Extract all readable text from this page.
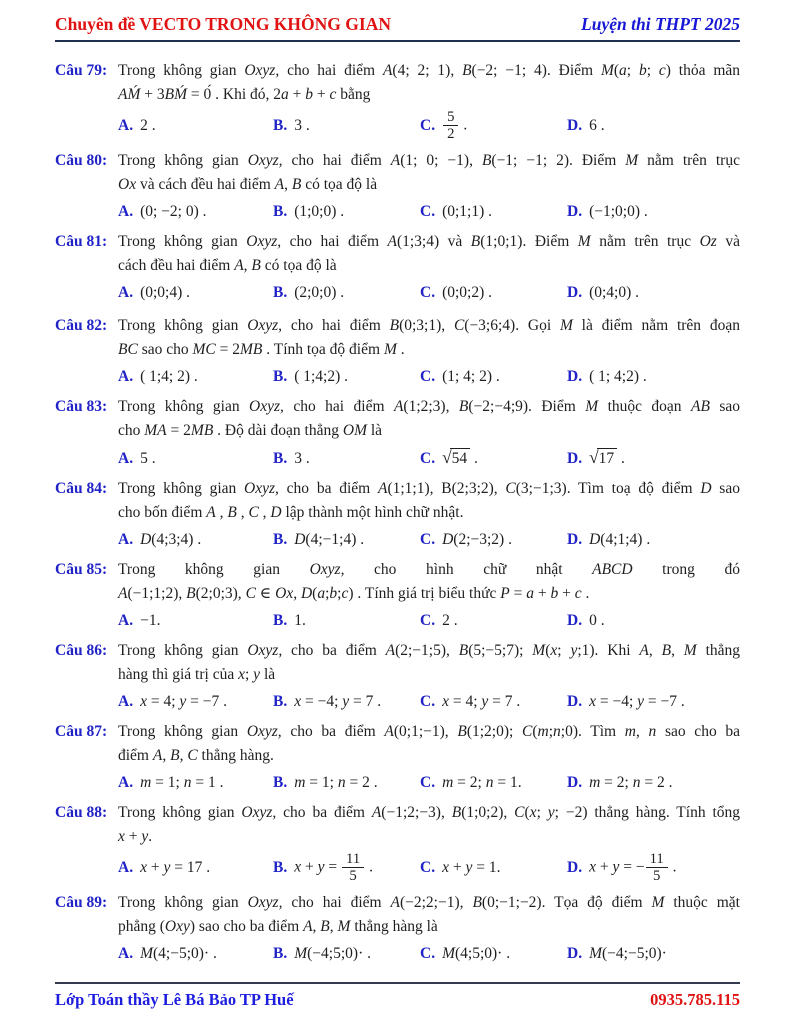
Chuyên đề VECTO TRONG KHÔNG GIAN	Luyện thi THPT 2025
Câu 79: Trong không gian Oxyz, cho hai điểm A(4; 2; 1), B(−2; −1; 4). Điểm M(a; b; c) thỏa mãn
AḾ + 3BḾ = 0́ . Khi đó, 2a + b + c bằng
A. 2 .	B. 3 .	C. $\frac{5}{2}$ .	D. 6 .
Câu 80: Trong không gian Oxyz, cho hai điểm A(1; 0; −1), B(−1; −1; 2). Điểm M nằm trên trục
Ox và cách đều hai điểm A, B có tọa độ là
A. (0; −2; 0) .	B. (1;0;0) .	C. (0;1;1) .	D. (−1;0;0) .
Câu 81: Trong không gian Oxyz, cho hai điểm A(1;3;4) và B(1;0;1). Điểm M nằm trên trục Oz và
cách đều hai điểm A, B có tọa độ là
A. (0;0;4) .	B. (2;0;0) .	C. (0;0;2) .	D. (0;4;0) .
Câu 82: Trong không gian Oxyz, cho hai điểm B(0;3;1), C(−3;6;4). Gọi M là điểm nằm trên đoạn
BC sao cho MC = 2MB . Tính tọa độ điểm M .
A. ( 1;4; 2) .	B. ( 1;4;2) .	C. (1; 4; 2) .	D. ( 1; 4;2) .
Câu 83: Trong không gian Oxyz, cho hai điểm A(1;2;3), B(−2;−4;9). Điểm M thuộc đoạn AB sao
cho MA = 2MB . Độ dài đoạn thẳng OM là
A. 5 .	B. 3 .	C. √54 .	D. √17 .
Câu 84: Trong không gian Oxyz, cho ba điểm A(1;1;1), B(2;3;2), C(3;−1;3). Tìm toạ độ điểm D sao
cho bốn điểm A , B , C , D lập thành một hình chữ nhật.
A. D(4;3;4) .	B. D(4;−1;4) .	C. D(2;−3;2) .	D. D(4;1;4) .
Câu 85: Trong không gian Oxyz, cho hình chữ nhật ABCD trong đó
A(−1;1;2), B(2;0;3), C ∈ Ox, D(a;b;c) . Tính giá trị biểu thức P = a + b + c .
A. −1.	B. 1.	C. 2 .	D. 0 .
Câu 86: Trong không gian Oxyz, cho ba điểm A(2;−1;5), B(5;−5;7); M(x; y;1). Khi A, B, M thẳng
hàng thì giá trị của x; y là
A. x = 4; y = −7 .	B. x = −4; y = 7 .	C. x = 4; y = 7 .	D. x = −4; y = −7 .
Câu 87: Trong không gian Oxyz, cho ba điểm A(0;1;−1), B(1;2;0); C(m;n;0). Tìm m, n sao cho ba
điểm A, B, C thẳng hàng.
A. m = 1; n = 1 .	B. m = 1; n = 2 .	C. m = 2; n = 1.	D. m = 2; n = 2 .
Câu 88: Trong không gian Oxyz, cho ba điểm A(−1;2;−3), B(1;0;2), C(x; y; −2) thẳng hàng. Tính tổng
x + y.
A. x + y = 17 .	B. $x + y = \frac{11}{5}$ .	C. x + y = 1.	D. x + y = − $\frac{11}{5}$ .
Câu 89: Trong không gian Oxyz, cho hai điểm A(−2;2;−1), B(0;−1;−2). Tọa độ điểm M thuộc mặt
phẳng (Oxy) sao cho ba điểm A, B, M thẳng hàng là
A. M(4;−5;0)· .	B. M(−4;5;0)· .	C. M(4;5;0)· .	D. M(−4;−5;0)·
Lớp Toán thầy Lê Bá Bảo TP Huế	0935.785.115
